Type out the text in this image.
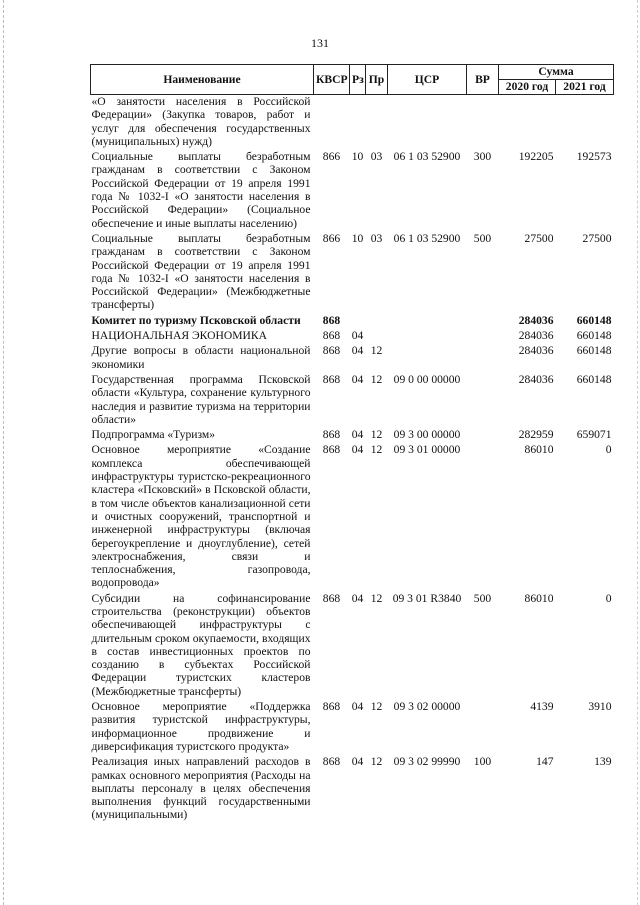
131
Наименование	КВСР	Рз	Пр	ЦСР	ВР	Сумма	
						2020 год	2021 год
«О занятости населения в Российской Федерации» (Закупка товаров, работ и услуг для обеспечения государственных (муниципальных) нужд)							
Социальные выплаты безработным гражданам в соответствии с Законом Российской Федерации от 19 апреля 1991 года № 1032-I «О занятости населения в Российской Федерации» (Социальное обеспечение и иные выплаты населению)	866	10	03	06 1 03 52900	300	192205	192573
Социальные выплаты безработным гражданам в соответствии с Законом Российской Федерации от 19 апреля 1991 года № 1032-I «О занятости населения в Российской Федерации» (Межбюджетные трансферты)	866	10	03	06 1 03 52900	500	27500	27500
Комитет по туризму Псковской области	868					284036	660148
НАЦИОНАЛЬНАЯ ЭКОНОМИКА	868	04				284036	660148
Другие вопросы в области национальной экономики	868	04	12			284036	660148
Государственная программа Псковской области «Культура, сохранение культурного наследия и развитие туризма на территории области»	868	04	12	09 0 00 00000		284036	660148
Подпрограмма «Туризм»	868	04	12	09 3 00 00000		282959	659071
Основное мероприятие «Создание комплекса обеспечивающей инфраструктуры туристско-рекреационного кластера «Псковский» в Псковской области, в том числе объектов канализационной сети и очистных сооружений, транспортной и инженерной инфраструктуры (включая берегоукрепление и дноуглубление), сетей электроснабжения, связи и теплоснабжения, газопровода, водопровода»	868	04	12	09 3 01 00000		86010	0
Субсидии на софинансирование строительства (реконструкции) объектов обеспечивающей инфраструктуры с длительным сроком окупаемости, входящих в состав инвестиционных проектов по созданию в субъектах Российской Федерации туристских кластеров (Межбюджетные трансферты)	868	04	12	09 3 01 R3840	500	86010	0
Основное мероприятие «Поддержка развития туристской инфраструктуры, информационное продвижение и диверсификация туристского продукта»	868	04	12	09 3 02 00000		4139	3910
Реализация иных направлений расходов в рамках основного мероприятия (Расходы на выплаты персоналу в целях обеспечения выполнения функций государственными (муниципальными)	868	04	12	09 3 02 99990	100	147	139
